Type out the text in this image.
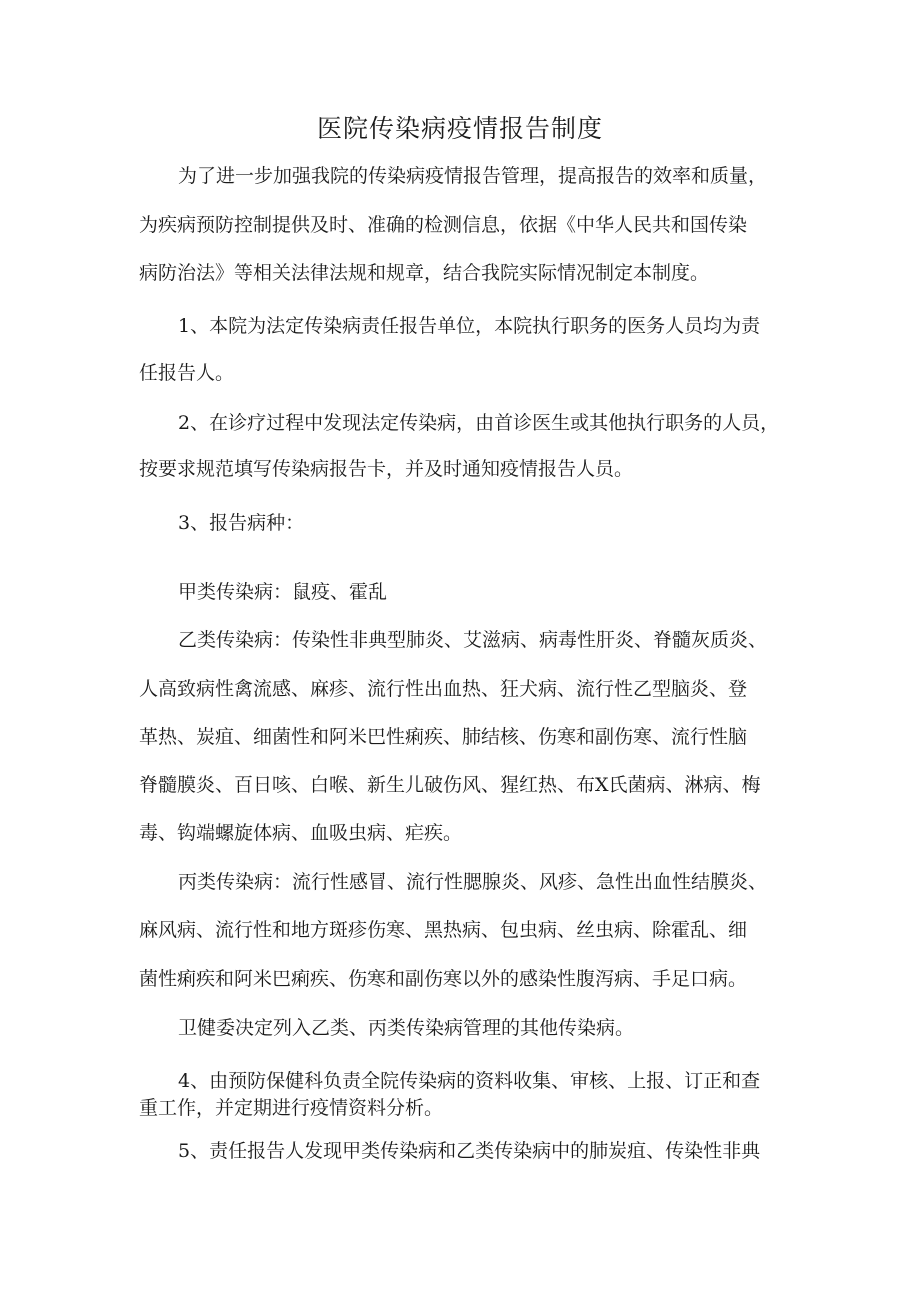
医院传染病疫情报告制度

为了进一步加强我院的传染病疫情报告管理，提高报告的效率和质量，

为疾病预防控制提供及时、准确的检测信息，依据《中华人民共和国传染

病防治法》等相关法律法规和规章，结合我院实际情况制定本制度。

1、本院为法定传染病责任报告单位，本院执行职务的医务人员均为责

任报告人。

2、在诊疗过程中发现法定传染病，由首诊医生或其他执行职务的人员，

按要求规范填写传染病报告卡，并及时通知疫情报告人员。

3、报告病种：

甲类传染病：鼠疫、霍乱

乙类传染病：传染性非典型肺炎、艾滋病、病毒性肝炎、脊髓灰质炎、

人高致病性禽流感、麻疹、流行性出血热、狂犬病、流行性乙型脑炎、登

革热、炭疽、细菌性和阿米巴性痢疾、肺结核、伤寒和副伤寒、流行性脑

脊髓膜炎、百日咳、白喉、新生儿破伤风、猩红热、布X氏菌病、淋病、梅

毒、钩端螺旋体病、血吸虫病、疟疾。

丙类传染病：流行性感冒、流行性腮腺炎、风疹、急性出血性结膜炎、

麻风病、流行性和地方斑疹伤寒、黑热病、包虫病、丝虫病、除霍乱、细

菌性痢疾和阿米巴痢疾、伤寒和副伤寒以外的感染性腹泻病、手足口病。

卫健委决定列入乙类、丙类传染病管理的其他传染病。

4、由预防保健科负责全院传染病的资料收集、审核、上报、订正和查

重工作，并定期进行疫情资料分析。

5、责任报告人发现甲类传染病和乙类传染病中的肺炭疽、传染性非典
